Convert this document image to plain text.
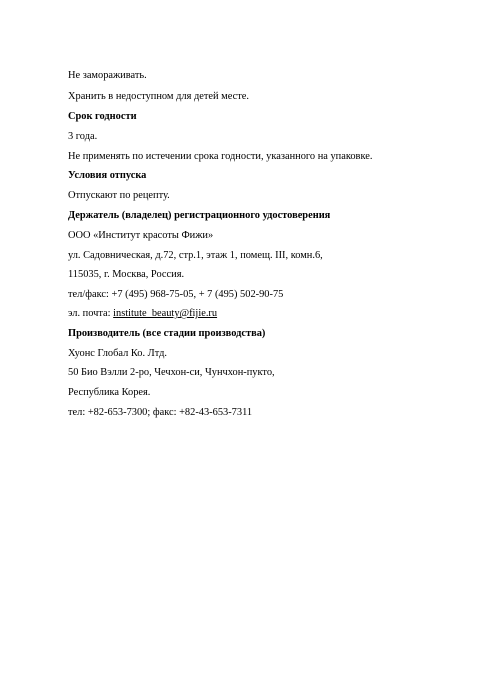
Не замораживать.
Хранить в недоступном для детей месте.
Срок годности
3 года.
Не применять по истечении срока годности, указанного на упаковке.
Условия отпуска
Отпускают по рецепту.
Держатель (владелец) регистрационного удостоверения
ООО «Институт красоты Фижи»
ул. Садовническая, д.72, стр.1, этаж 1, помещ. III, комн.6,
115035, г. Москва, Россия.
тел/факс: +7 (495) 968-75-05, + 7 (495) 502-90-75
эл. почта: institute_beauty@fijie.ru
Производитель (все стадии производства)
Хуонс Глобал Ко. Лтд.
50 Био Вэлли 2-ро, Чечхон-си, Чунчхон-пукто,
Республика Корея.
тел: +82-653-7300; факс: +82-43-653-7311
